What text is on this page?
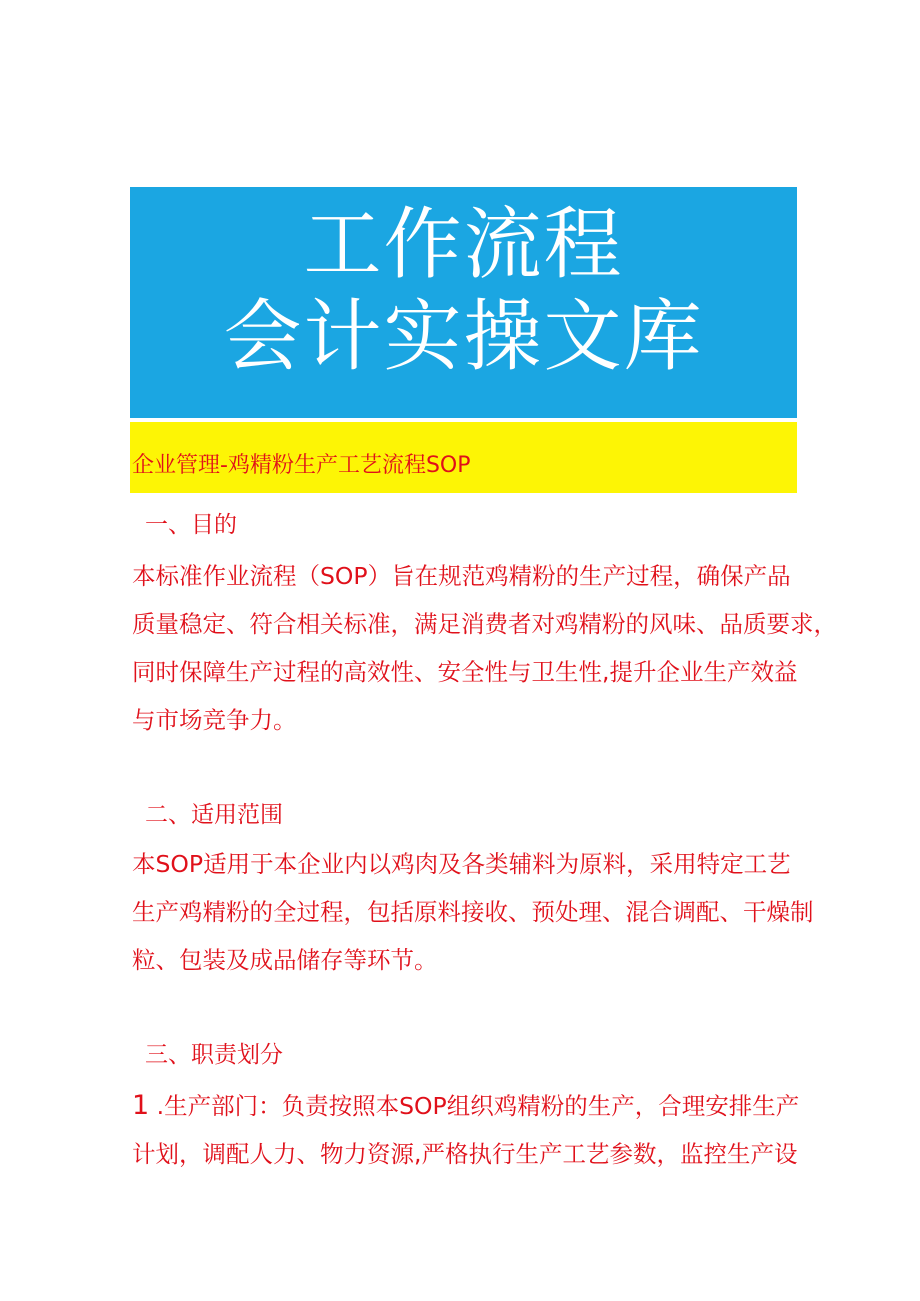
工作流程
会计实操文库
企业管理-鸡精粉生产工艺流程SOP
一、目的

本标准作业流程（SOP）旨在规范鸡精粉的生产过程，确保产品
质量稳定、符合相关标准，满足消费者对鸡精粉的风味、品质要求，
同时保障生产过程的高效性、安全性与卫生性,提升企业生产效益
与市场竞争力。

二、适用范围

本SOP适用于本企业内以鸡肉及各类辅料为原料，采用特定工艺
生产鸡精粉的全过程，包括原料接收、预处理、混合调配、干燥制
粒、包装及成品储存等环节。

三、职责划分

1 .生产部门：负责按照本SOP组织鸡精粉的生产，合理安排生产
计划，调配人力、物力资源,严格执行生产工艺参数，监控生产设
